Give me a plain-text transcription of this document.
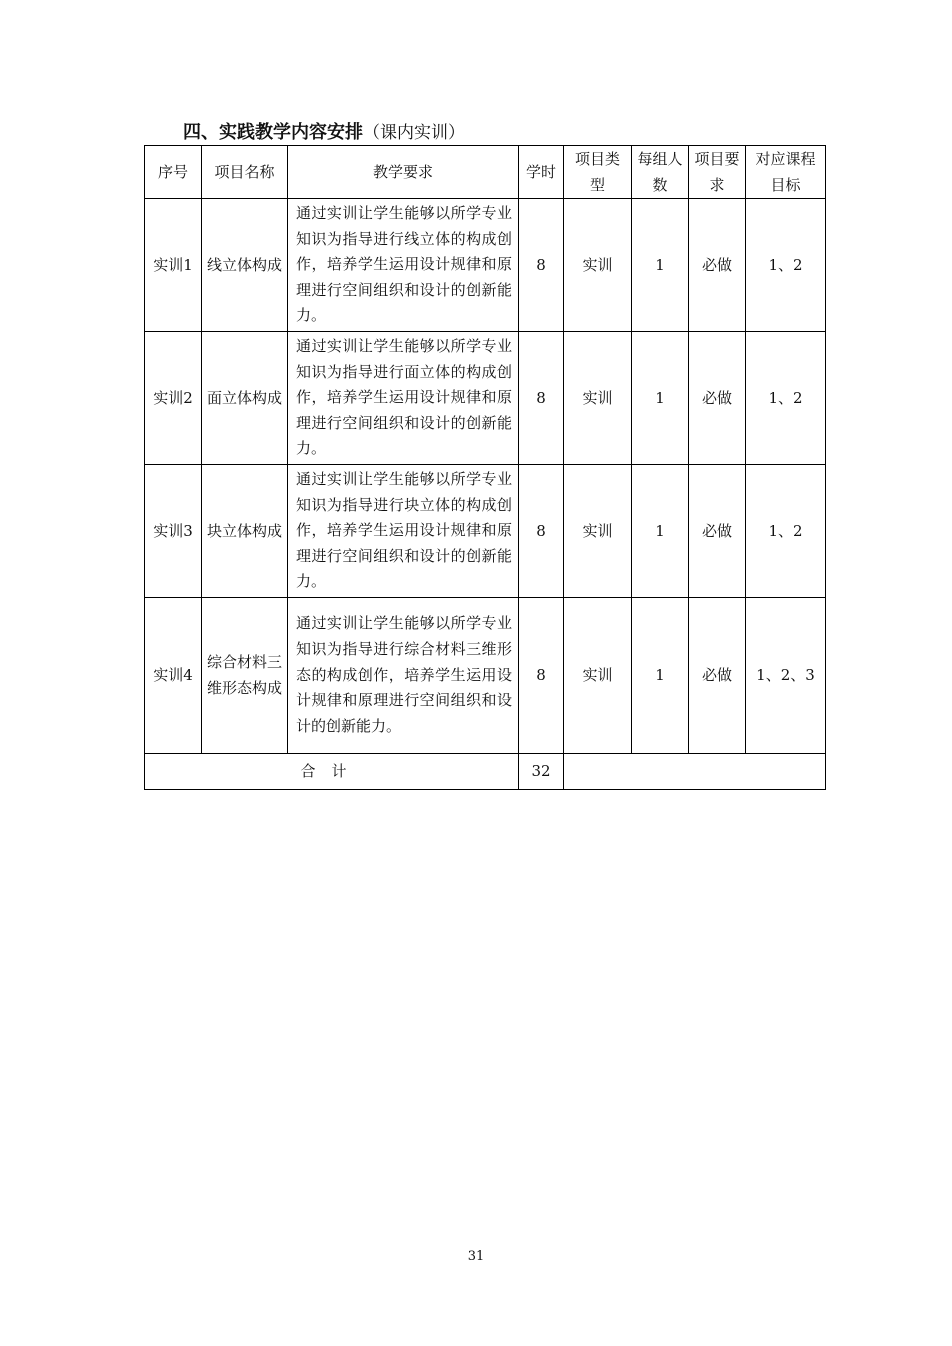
四、实践教学内容安排（课内实训）
序号	项目名称	教学要求	学时	项目类型	每组人数	项目要求	对应课程目标
实训1	线立体构成	通过实训让学生能够以所学专业知识为指导进行线立体的构成创作，培养学生运用设计规律和原理进行空间组织和设计的创新能力。	8	实训	1	必做	1、2
实训2	面立体构成	通过实训让学生能够以所学专业知识为指导进行面立体的构成创作，培养学生运用设计规律和原理进行空间组织和设计的创新能力。	8	实训	1	必做	1、2
实训3	块立体构成	通过实训让学生能够以所学专业知识为指导进行块立体的构成创作，培养学生运用设计规律和原理进行空间组织和设计的创新能力。	8	实训	1	必做	1、2
实训4	综合材料三维形态构成	通过实训让学生能够以所学专业知识为指导进行综合材料三维形态的构成创作，培养学生运用设计规律和原理进行空间组织和设计的创新能力。	8	实训	1	必做	1、2、3
合计			32				
31
